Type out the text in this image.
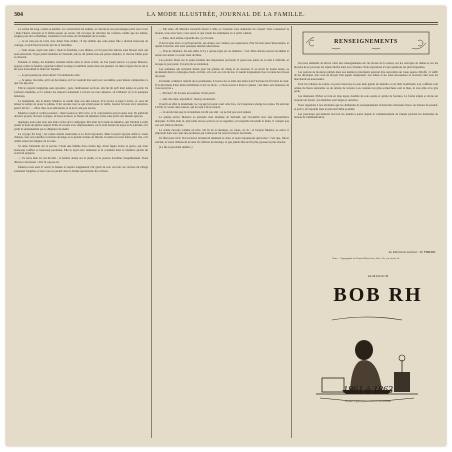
304	LA MODE ILLUSTRÉE, JOURNAL DE LA FAMILLE.

Le roman fut long, confus et pénible. La conversation fut animée, et chacun de ses personnages parla tour à tour ; mais l'heure avançait et il fallait penser au retour. On s'occupa de chercher les voitures, tandis que les dames, rangées près de la cheminée, causaient à voix basse de l'événement de la soirée.

— Je ne suis pas de votre avis, disait l'une d'elles ; il me semble que cette jeune fille a montré beaucoup de courage, et qu'il faut lui savoir gré de sa franchise.

— Sans doute, reprit une autre ; mais la franchise a ses limites, et l'on peut être sincère sans blesser ceux qui nous entourent. Voyez plutôt madame de Verneuil, elle ne dit jamais rien qui puisse déplaire, et chacun l'aime pour sa douceur.

Pendant ce temps, les hommes s'étaient retirés dans le salon voisin, où l'on jouait encore. Le jeune Maurice, appuyé contre la fenêtre, regardait tomber la neige et semblait perdu dans ses pensées. Sa mère s'approcha de lui et lui posa doucement la main sur l'épaule.

— À quoi penses-tu, mon enfant ? lui demanda-t-elle.

— Je pense, ma mère, qu'il est des heures où l'on voudrait être seul avec soi-même, pour mieux comprendre ce que l'on éprouve.

Elle le regarda longtemps sans répondre ; puis, l'embrassant au front, elle lui dit qu'il était temps de partir. Ils sortirent ensemble, et la voiture les emporta lentement à travers les rues désertes, où brillaient çà et là quelques lanternes.

Le lendemain, dès le matin, Maurice se rendit chez son ami Gaston. Il le trouva occupé à écrire, et, sans lui laisser le temps de poser la plume, il lui raconta tout ce qui s'était passé la veille. Gaston l'écouta avec attention, puis il lui dit : — Mon cher, tu es amoureux, et tu ne le sais pas encore.

Maurice rougit et voulut protester ; mais Gaston se mit à rire, et la conversation prit un autre tour. Ils parlèrent de leurs projets, de leurs voyages, de leurs lectures, et l'heure du déjeuner arriva sans qu'ils s'en fussent aperçus.

Quelques jours plus tard, une lettre arriva de la campagne. Elle était de la tante de Maurice, qui l'invitait à venir passer le mois de janvier auprès d'elle. Il accepta avec empressement, car il avait besoin de repos et de solitude, et il partit le surlendemain par la diligence du matin.

Le voyage fut long ; les routes étaient mauvaises et le froid rigoureux. Mais lorsqu'il aperçut enfin le vieux château, avec ses tourelles couvertes de neige et sa grande avenue de tilleuls, il sentit son cœur battre plus vite, et il oublia toutes les fatigues de la route.

Sa tante l'attendait sur le perron. C'était une femme d'un certain âge, d'une figure douce et grave, qui avait beaucoup souffert et beaucoup pardonné. Elle le reçut avec tendresse et le conduisit dans la chambre qu'elle lui avait fait préparer.

— Tu seras bien ici, lui dit-elle ; la fenêtre donne sur le jardin, et tu pourras travailler tranquillement. Nous dînons à six heures ; d'ici là, repose-toi.

Maurice resta seul. Il ouvrit la fenêtre et respira longuement l'air glacé du soir. Au loin, les cloches du village sonnaient l'angélus, et leur voix se perdait dans la brume qui montait de la rivière.

— Ma tante, dit Maurice lorsqu'ils furent à table, je voudrais vous demander un conseil. Vous connaissez le monde, vous avez vécu, vous savez ce que valent les sentiments et ce qu'ils coûtent.

— Parle, mon enfant, répondit-elle ; je t'écoute.

Il lui raconta alors ce qu'il éprouvait, ses doutes, ses craintes, ses espérances. Elle l'écouta sans l'interrompre, et quand il eut fini, elle resta quelques instants silencieuse.

— Vois-tu, Maurice, dit-elle enfin, il n'y a qu'une règle en ces matières : c'est d'être sincère envers soi-même et envers les autres. Le reste vient de Dieu.

Ces paroles firent sur le jeune homme une impression profonde. Il passa une partie de la nuit à réfléchir, et lorsque le jour parut, il avait pris sa résolution.

Les semaines qui suivirent furent pour lui pleines de calme et de douceur. Il se levait de bonne heure, se promenait dans la campagne, lisait, écrivait, et le soir, au coin du feu, il causait longuement avec sa tante des choses du passé.

Un matin, comme il rentrait de sa promenade, il trouva sur sa table une lettre dont l'écriture lui fit battre le cœur. Il la décacheta d'une main tremblante et lut ces mots : « Nous serons à Paris le quinze ; ma mère sera heureuse de vous recevoir. »

— Eh bien ! dit la tante en souriant, il faut partir.

— Oui, ma tante, répondit-il ; mais je reviendrai.

Il partit en effet le lendemain. Le voyage lui parut court cette fois, car l'espérance abrège les routes. En arrivant à Paris, il courut chez Gaston, qui le reçut à bras ouverts.

— Je savais bien que tu reviendrais, lui dit son ami ; on ne fuit pas son bonheur.

Le quinze arriva. Maurice se présenta chez madame de Verneuil, qui l'accueillit avec une bienveillance marquée. Sa fille était là, plus belle encore qu'il ne se la rappelait, et lorsqu'elle lui tendit la main, il comprit que son sort allait se décider.

La soirée s'écoula comme un rêve. On fit de la musique, on causa, on rit ; et lorsque Maurice se retira, il emportait dans son cœur une promesse qui valait pour lui tous les trésors du monde.

Ici finit notre récit. Nos lectrices devineront aisément le reste, et nous n'ajouterons qu'un mot : c'est que, l'hiver suivant, le vieux château de la tante vit célébrer un mariage, et que jamais fête ne fut plus joyeuse ni plus sincère.

(La fin au prochain numéro.)

RENSEIGNEMENTS

On nous demande de divers côtés des renseignements sur les modes de la saison, sur les ouvrages de dames et sur les moyens de se procurer les objets décrits dans nos colonnes. Nous répondons ici aux questions les plus fréquentes.

Les patrons de broderie publiés dans nos numéros précédents peuvent être reproduits sur toute espèce d'étoffe ; il suffit de les décalquer avec soin au moyen d'un papier transparent. Les laines et les soies nécessaires se trouvent chez tous les marchands de nouveautés.

Pour les toilettes de soirée, on porte beaucoup la soie unie garnie de dentelle ou de tulle bouillonné. Les coiffures sont ornées de fleurs naturelles ou de rubans de velours. Les couleurs les plus recherchées sont le bleu, le rose pâle et le gris perle.

Les manteaux d'hiver se font en drap épais, doublés de soie ouatée et garnis de fourrure. La forme ample et droite est toujours en faveur ; les manches sont larges et ouvertes.

Nous rappelons à nos abonnées que les demandes de renseignements doivent être adressées franco au bureau du journal, et qu'il y est répondu dans le plus bref délai possible.

Les personnes qui désirent recevoir les numéros parus depuis le commencement de l'année peuvent les demander au bureau de l'administration.

Le Directeur-Gérant : W. FIRMIN.
Paris — Typographie de Firmin Didot frères, fils et Cie, rue Jacob, 56.
ALMANACH
BOB RH
1861 à 1863
Dessiné et gravé pour LA MODE ILLUSTRÉE
